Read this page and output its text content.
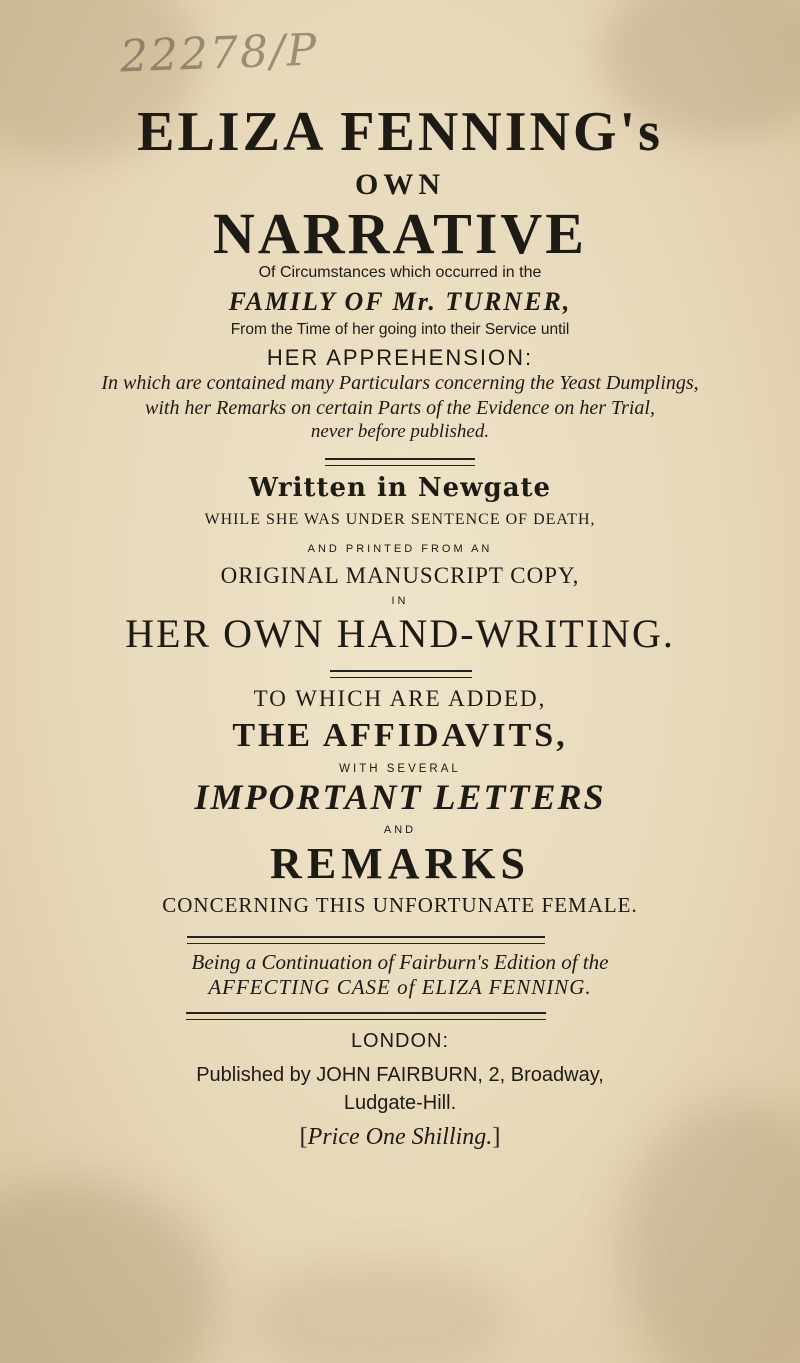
22278/P
ELIZA FENNING's
OWN
NARRATIVE
Of Circumstances which occurred in the
FAMILY OF Mr. TURNER,
From the Time of her going into their Service until
HER APPREHENSION:
In which are contained many Particulars concerning the Yeast Dumplings,
with her Remarks on certain Parts of the Evidence on her Trial,
never before published.
Written in Newgate
WHILE SHE WAS UNDER SENTENCE OF DEATH,
AND PRINTED FROM AN
ORIGINAL MANUSCRIPT COPY,
IN
HER OWN HAND-WRITING.
TO WHICH ARE ADDED,
THE AFFIDAVITS,
WITH SEVERAL
IMPORTANT LETTERS
AND
REMARKS
CONCERNING THIS UNFORTUNATE FEMALE.
Being a Continuation of Fairburn's Edition of the
AFFECTING CASE of ELIZA FENNING.
LONDON:
Published by JOHN FAIRBURN, 2, Broadway,
Ludgate-Hill.
[Price One Shilling.]
